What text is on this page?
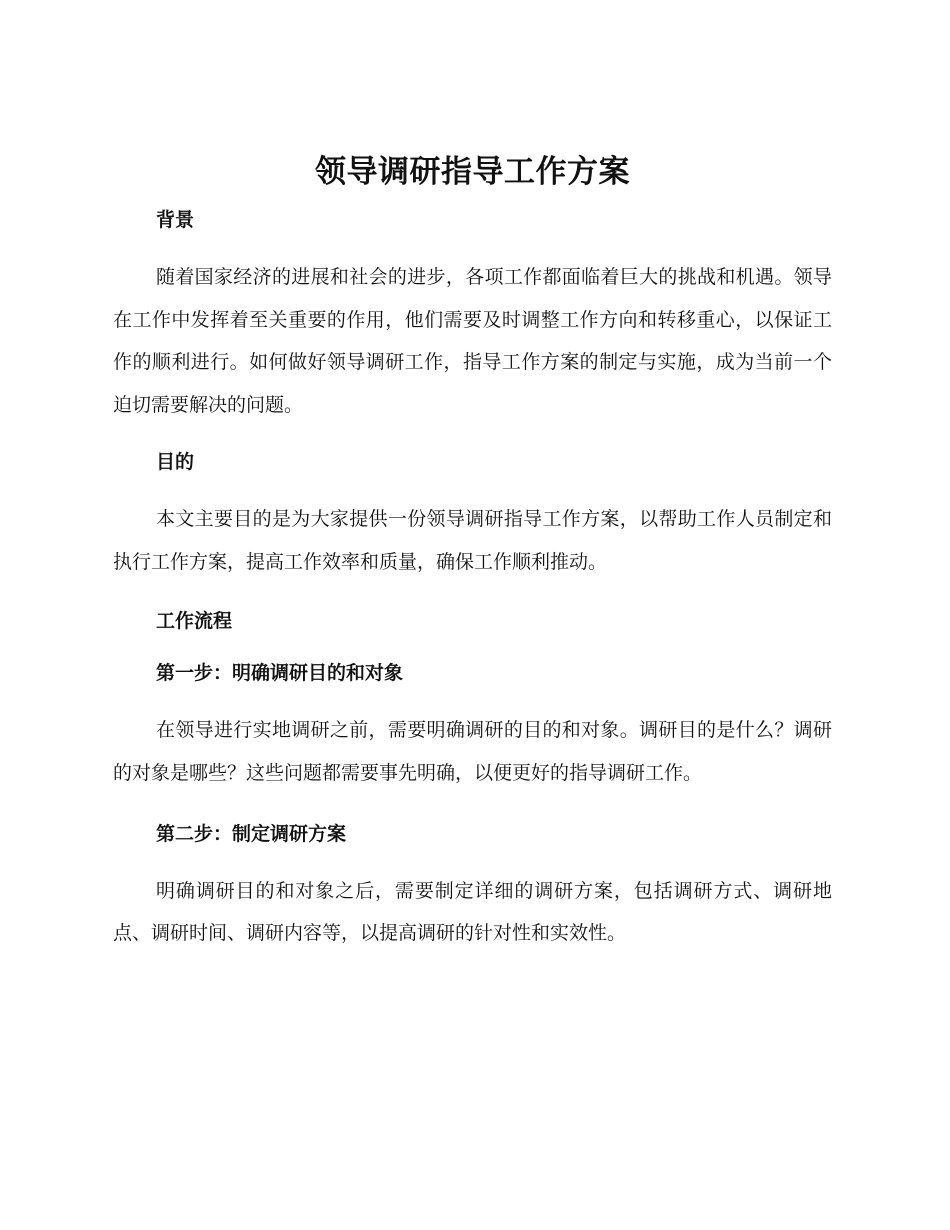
领导调研指导工作方案
背景

随着国家经济的进展和社会的进步，各项工作都面临着巨大的挑战和机遇。领导在工作中发挥着至关重要的作用，他们需要及时调整工作方向和转移重心，以保证工作的顺利进行。如何做好领导调研工作，指导工作方案的制定与实施，成为当前一个迫切需要解决的问题。

目的

本文主要目的是为大家提供一份领导调研指导工作方案，以帮助工作人员制定和执行工作方案，提高工作效率和质量，确保工作顺利推动。

工作流程
第一步：明确调研目的和对象

在领导进行实地调研之前，需要明确调研的目的和对象。调研目的是什么？调研的对象是哪些？这些问题都需要事先明确，以便更好的指导调研工作。

第二步：制定调研方案

明确调研目的和对象之后，需要制定详细的调研方案，包括调研方式、调研地点、调研时间、调研内容等，以提高调研的针对性和实效性。
